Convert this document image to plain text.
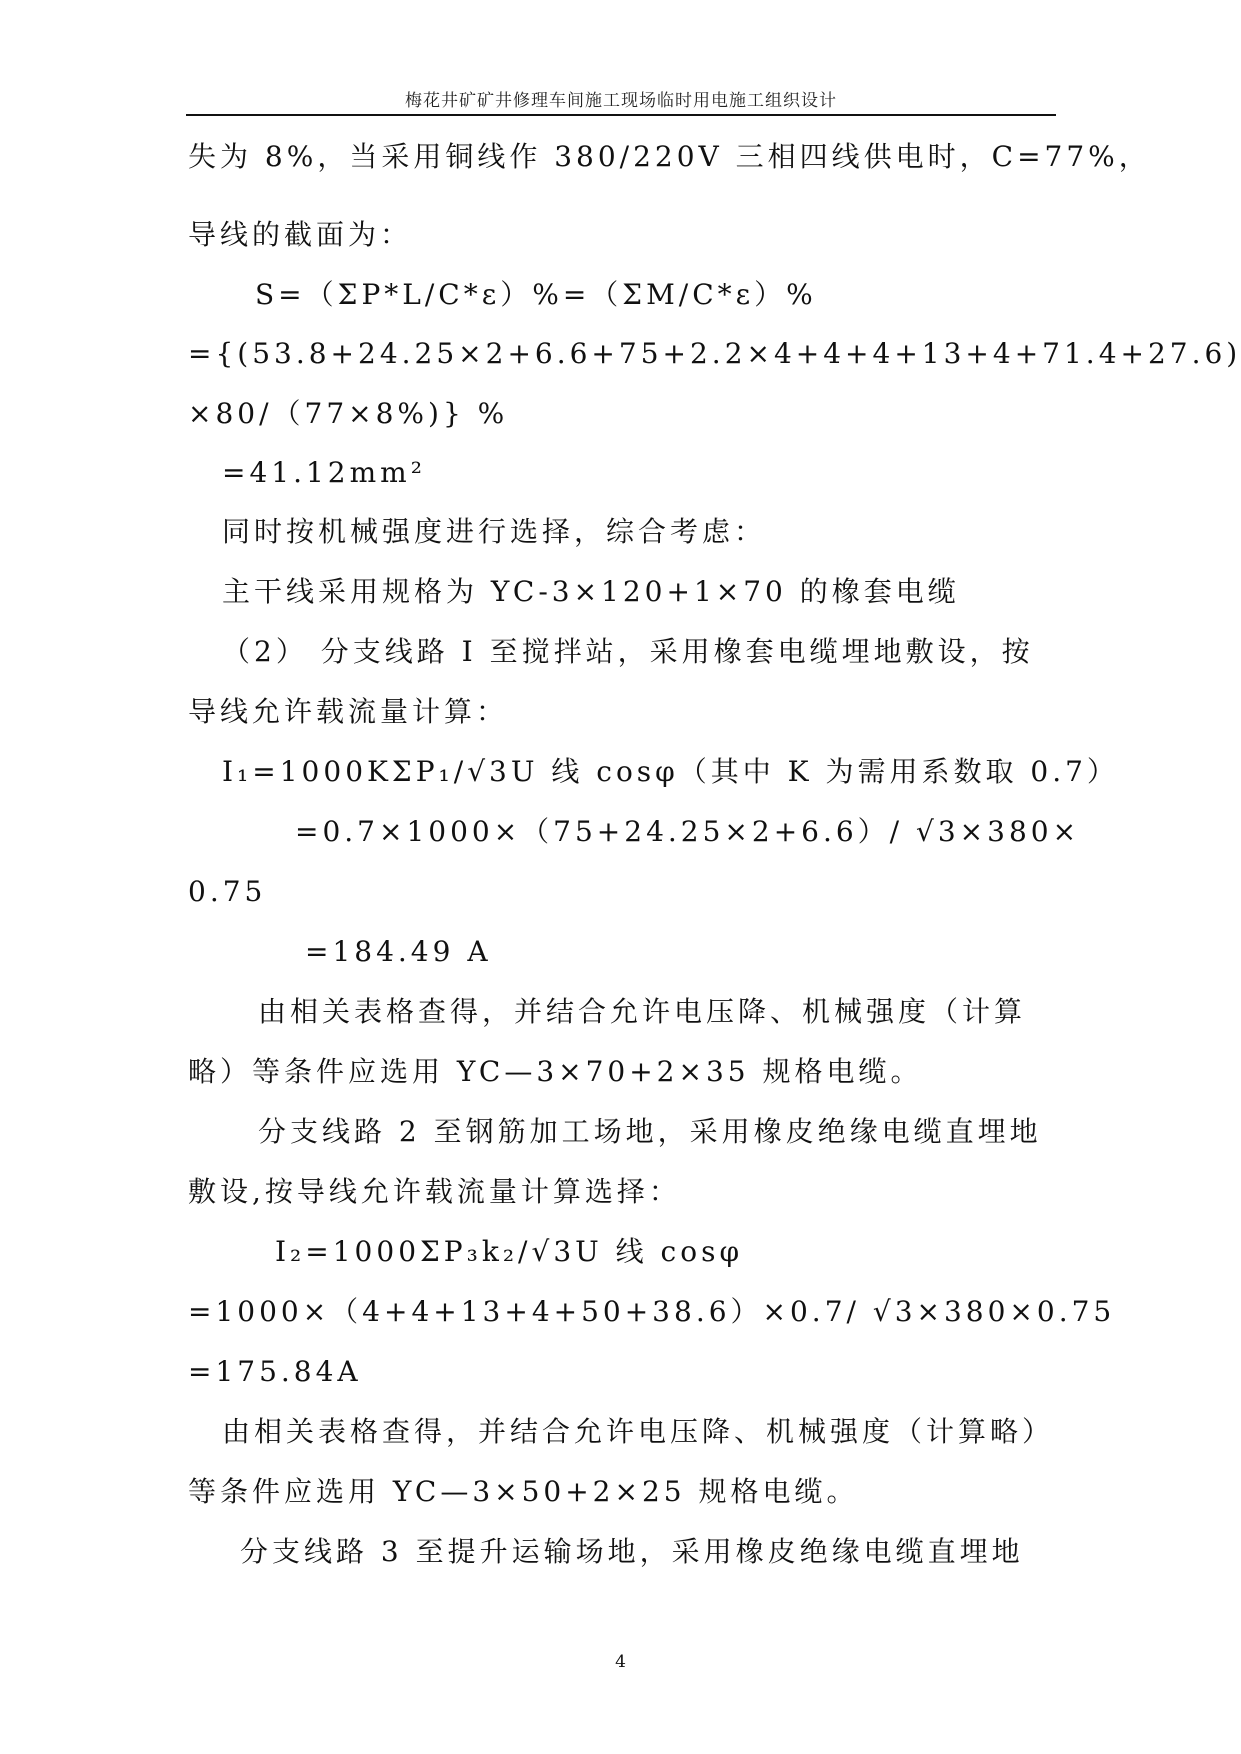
梅花井矿矿井修理车间施工现场临时用电施工组织设计
失为 8%，当采用铜线作 380/220V 三相四线供电时，C=77%，
导线的截面为：
S=（ΣP*L/C*ε）%=（ΣM/C*ε）%
={(53.8+24.25×2+6.6+75+2.2×4+4+4+13+4+71.4+27.6)
×80/（77×8%)} %
=41.12mm²
同时按机械强度进行选择，综合考虑：
主干线采用规格为 YC-3×120+1×70 的橡套电缆
（2） 分支线路 I 至搅拌站，采用橡套电缆埋地敷设，按
导线允许载流量计算：
I₁=1000KΣP₁/√3U 线 cosφ（其中 K 为需用系数取 0.7）
=0.7×1000×（75+24.25×2+6.6）/ √3×380×
0.75
=184.49 A
由相关表格查得，并结合允许电压降、机械强度（计算
略）等条件应选用 YC—3×70+2×35 规格电缆。
分支线路 2 至钢筋加工场地，采用橡皮绝缘电缆直埋地
敷设,按导线允许载流量计算选择：
I₂=1000ΣP₃k₂/√3U 线 cosφ
=1000×（4+4+13+4+50+38.6）×0.7/ √3×380×0.75
=175.84A
由相关表格查得，并结合允许电压降、机械强度（计算略）
等条件应选用 YC—3×50+2×25 规格电缆。
分支线路 3 至提升运输场地，采用橡皮绝缘电缆直埋地
4
